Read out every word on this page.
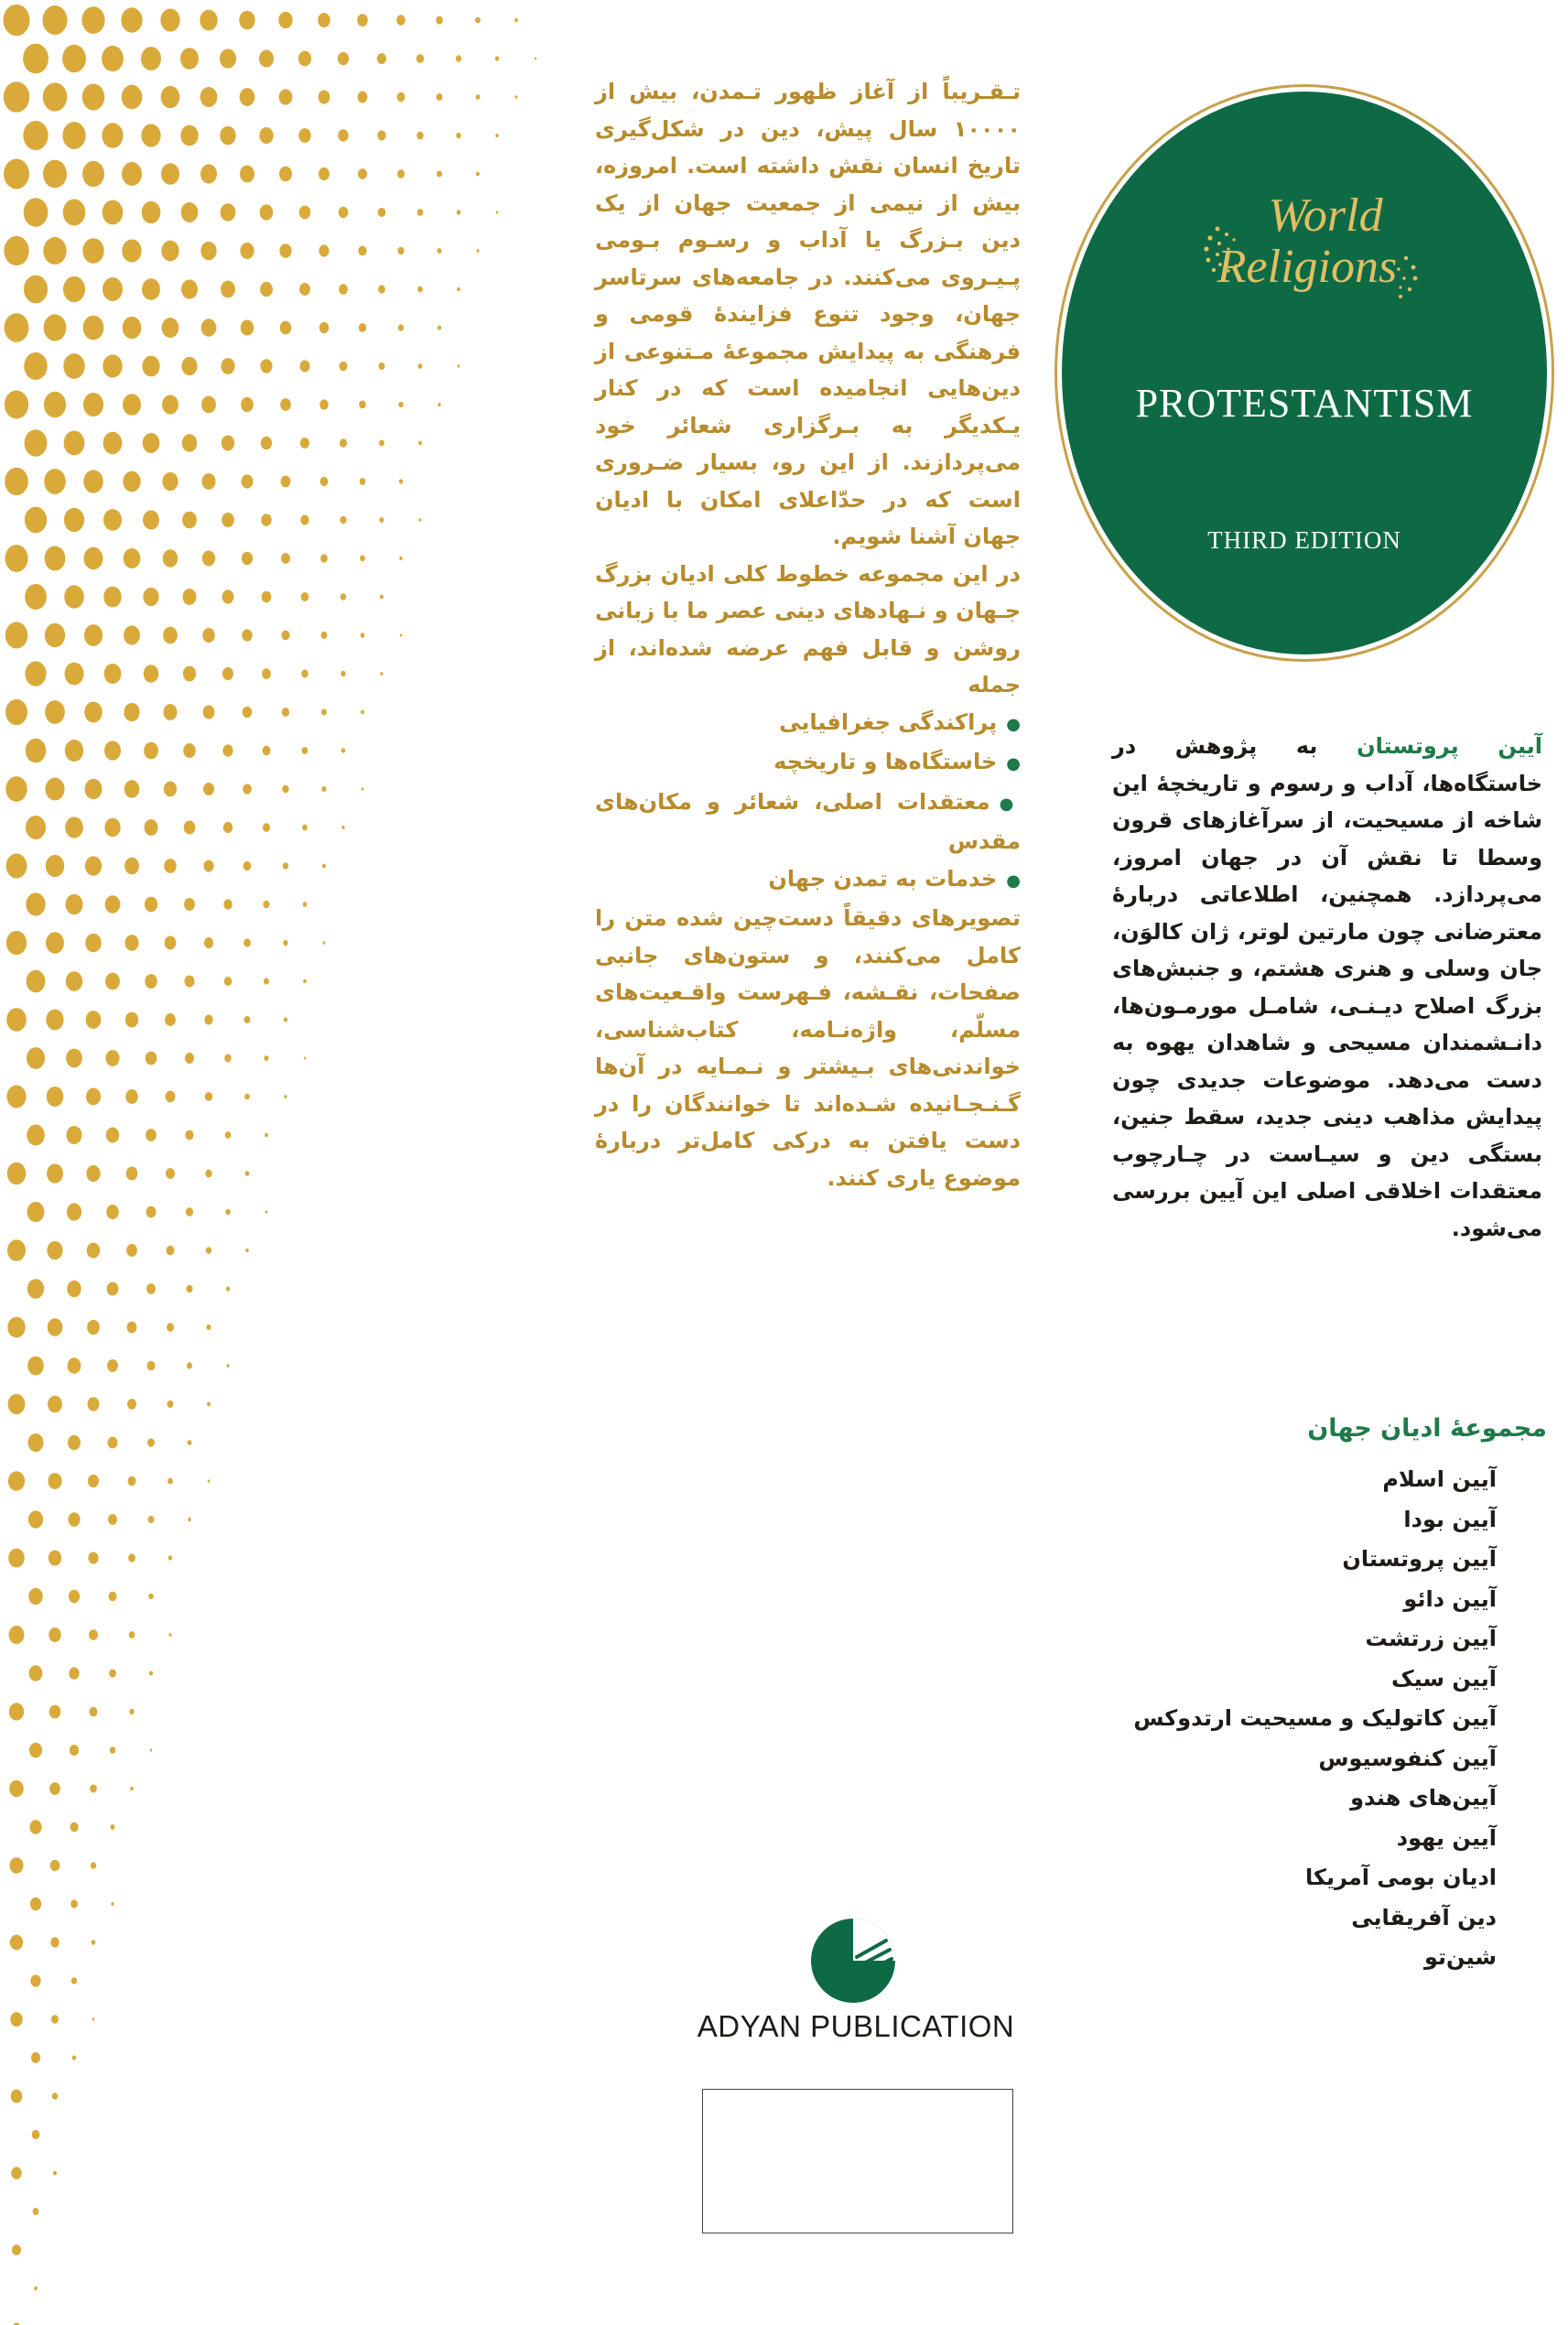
تـقـریباً از آغاز ظهور تـمدن، بیش از ۱۰۰۰۰ سال پیش، دین در شکل‌گیری تاریخ انسان نقش داشته است. امروزه، بیش از نیمی از جمعیت جهان از یک دین بـزرگ یا آداب و رسـوم بـومی پـیـروی می‌کنند. در جامعه‌های سرتاسر جهان، وجود تنوع فزایندهٔ قومی و فرهنگی به پیدایش مجموعهٔ مـتنوعی از دین‌هایی انجامیده است که در کنار یـکدیگر به بـرگزاری شعائر خود می‌پردازند. از این رو، بسیار ضـروری است که در حدّاعلای امکان با ادیان جهان آشنا شویم.

در این مجموعه خطوط کلی ادیان بزرگ جـهان و نـهادهای دینی عصر ما با زبانی روشن و قابل فهم عرضه شده‌اند، از جمله

●پراکندگی جغرافیایی
●خاستگاه‌ها و تاریخچه
●معتقدات اصلی، شعائر و مکان‌های مقدس
●خدمات به تمدن جهان

تصویرهای دقیقاً دست‌چین شده متن را کامل می‌کنند، و ستون‌های جانبی صفحات، نقـشه، فـهرست واقـعیت‌های مسلّم، واژه‌نـامه، کتاب‌شناسی، خواندنی‌های بـیشتر و نـمـایه در آن‌ها گـنـجـانیده شـده‌اند تا خوانندگان را در دست یافتن به درکی کامل‌تر دربارهٔ موضوع یاری کنند.

World
Religions
PROTESTANTISM
THIRD EDITION

آیین پروتستان به پژوهش در خاستگاه‌ها، آداب و رسوم و تاریخچهٔ این شاخه از مسیحیت، از سرآغازهای قرون وسطا تا نقش آن در جهان امروز، می‌پردازد. همچنین، اطلاعاتی دربارهٔ معترضانی چون مارتین لوتر، ژان کالوَن، جان وسلی و هنری هشتم، و جنبش‌های بزرگ اصلاح دیـنـی، شامـل مورمـون‌ها، دانـشمندان مسیحی و شاهدان یهوه به دست می‌دهد. موضوعات جدیدی چون پیدایش مذاهب دینی جدید، سقط جنین، بستگی دین و سیـاست در چـارچوب معتقدات اخلاقی اصلی این آیین بررسی می‌شود.

مجموعهٔ ادیان جهان
آیین اسلام
آیین بودا
آیین پروتستان
آیین دائو
آیین زرتشت
آیین سیک
آیین کاتولیک و مسیحیت ارتدوکس
آیین کنفوسیوس
آیین‌های هندو
آیین یهود
ادیان بومی آمریکا
دین آفریقایی
شین‌تو
ADYAN PUBLICATION
